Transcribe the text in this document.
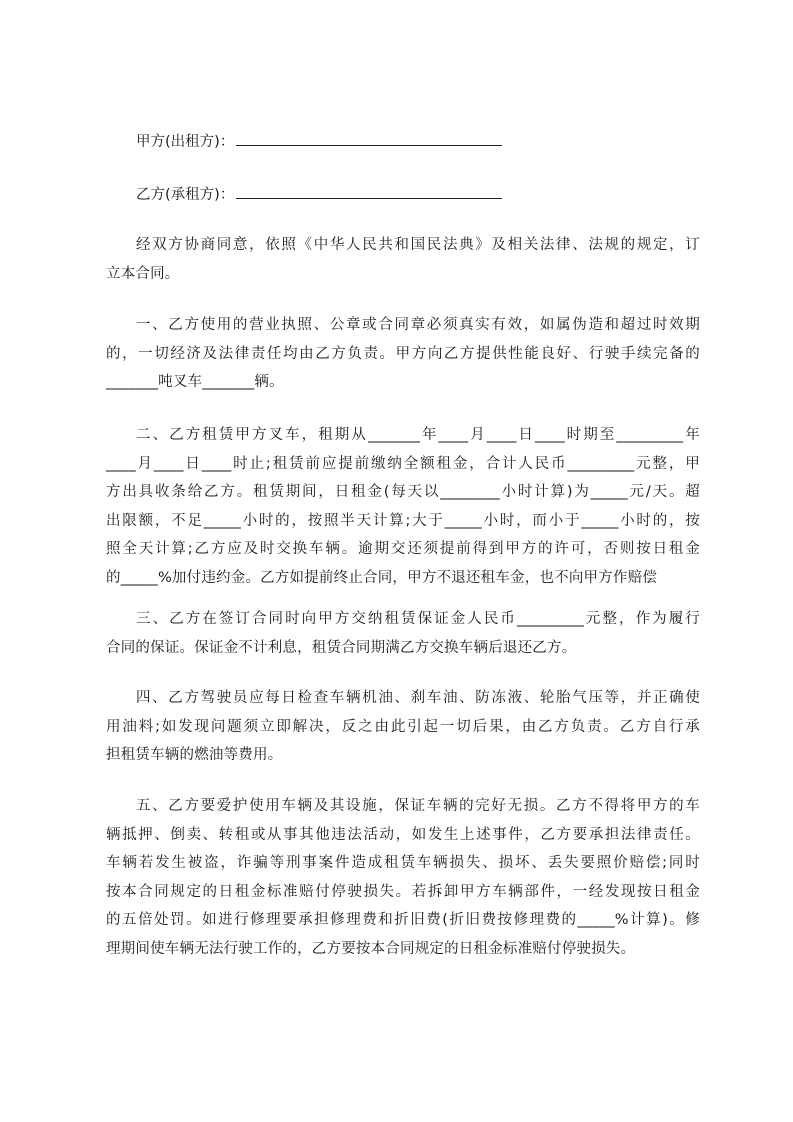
甲方(出租方)：
乙方(承租方)：
经双方协商同意，依照《中华人民共和国民法典》及相关法律、法规的规定，订
立本合同。
一、乙方使用的营业执照、公章或合同章必须真实有效，如属伪造和超过时效期
的，一切经济及法律责任均由乙方负责。甲方向乙方提供性能良好、行驶手续完备的
_______吨叉车_______辆。
二、乙方租赁甲方叉车，租期从_______年____月____日____时期至_________年
____月____日____时止;租赁前应提前缴纳全额租金，合计人民币_________元整，甲
方出具收条给乙方。租赁期间，日租金(每天以________小时计算)为_____元/天。超
出限额，不足_____小时的，按照半天计算;大于_____小时，而小于_____小时的，按
照全天计算;乙方应及时交换车辆。逾期交还须提前得到甲方的许可，否则按日租金
的_____%加付违约金。乙方如提前终止合同，甲方不退还租车金，也不向甲方作赔偿
三、乙方在签订合同时向甲方交纳租赁保证金人民币_________元整，作为履行
合同的保证。保证金不计利息，租赁合同期满乙方交换车辆后退还乙方。
四、乙方驾驶员应每日检查车辆机油、刹车油、防冻液、轮胎气压等，并正确使
用油料;如发现问题须立即解决，反之由此引起一切后果，由乙方负责。乙方自行承
担租赁车辆的燃油等费用。
五、乙方要爱护使用车辆及其设施，保证车辆的完好无损。乙方不得将甲方的车
辆抵押、倒卖、转租或从事其他违法活动，如发生上述事件，乙方要承担法律责任。
车辆若发生被盗，诈骗等刑事案件造成租赁车辆损失、损坏、丢失要照价赔偿;同时
按本合同规定的日租金标准赔付停驶损失。若拆卸甲方车辆部件，一经发现按日租金
的五倍处罚。如进行修理要承担修理费和折旧费(折旧费按修理费的_____%计算)。修
理期间使车辆无法行驶工作的，乙方要按本合同规定的日租金标准赔付停驶损失。
